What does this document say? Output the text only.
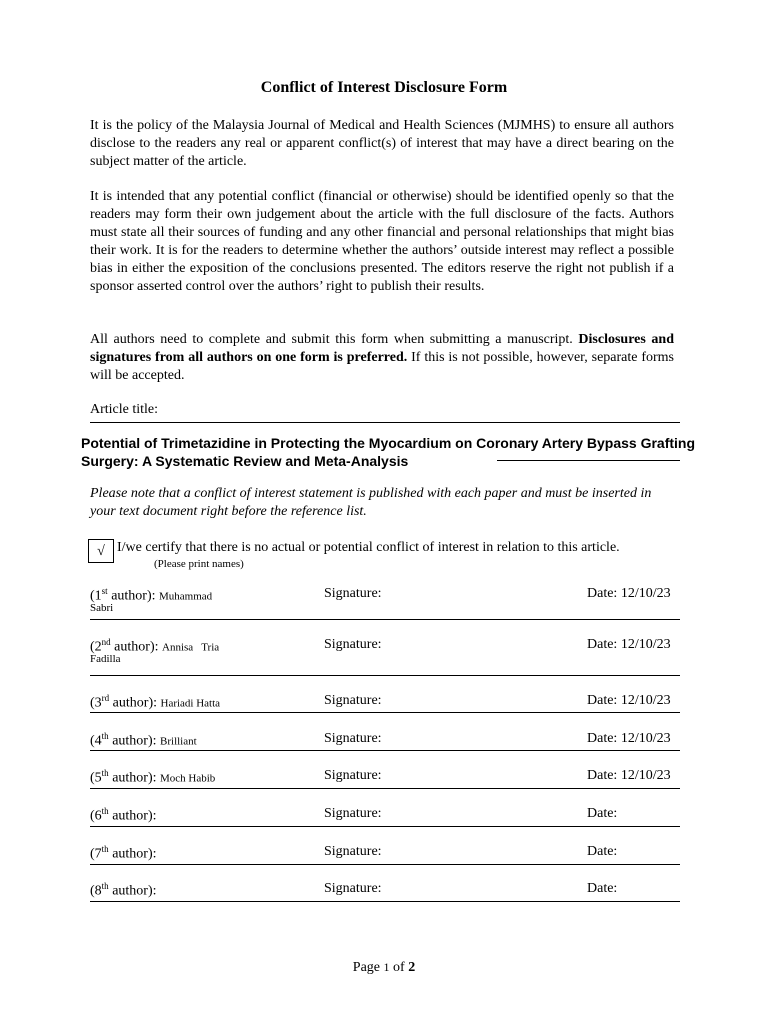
Conflict of Interest Disclosure Form

It is the policy of the Malaysia Journal of Medical and Health Sciences (MJMHS) to ensure all authors disclose to the readers any real or apparent conflict(s) of interest that may have a direct bearing on the subject matter of the article.

It is intended that any potential conflict (financial or otherwise) should be identified openly so that the readers may form their own judgement about the article with the full disclosure of the facts. Authors must state all their sources of funding and any other financial and personal relationships that might bias their work. It is for the readers to determine whether the authors’ outside interest may reflect a possible bias in either the exposition of the conclusions presented. The editors reserve the right not publish if a sponsor asserted control over the authors’ right to publish their results.

All authors need to complete and submit this form when submitting a manuscript. Disclosures and signatures from all authors on one form is preferred. If this is not possible, however, separate forms will be accepted.

Article title:

Potential of Trimetazidine in Protecting the Myocardium on Coronary Artery Bypass Grafting Surgery: A Systematic Review and Meta-Analysis

Please note that a conflict of interest statement is published with each paper and must be inserted in your text document right before the reference list.

√ I/we certify that there is no actual or potential conflict of interest in relation to this article.
(Please print names)
(1st author): Muhammad
Sabri
Signature:	Date: 12/10/23
(2nd author): Annisa   Tria
Fadilla
Signature:	Date: 12/10/23
(3rd author): Hariadi Hatta	Signature:	Date: 12/10/23
(4th author): Brilliant	Signature:	Date: 12/10/23
(5th author): Moch Habib	Signature:	Date: 12/10/23
(6th author):	Signature:	Date:
(7th author):	Signature:	Date:
(8th author):	Signature:	Date:
Page 1 of 2
